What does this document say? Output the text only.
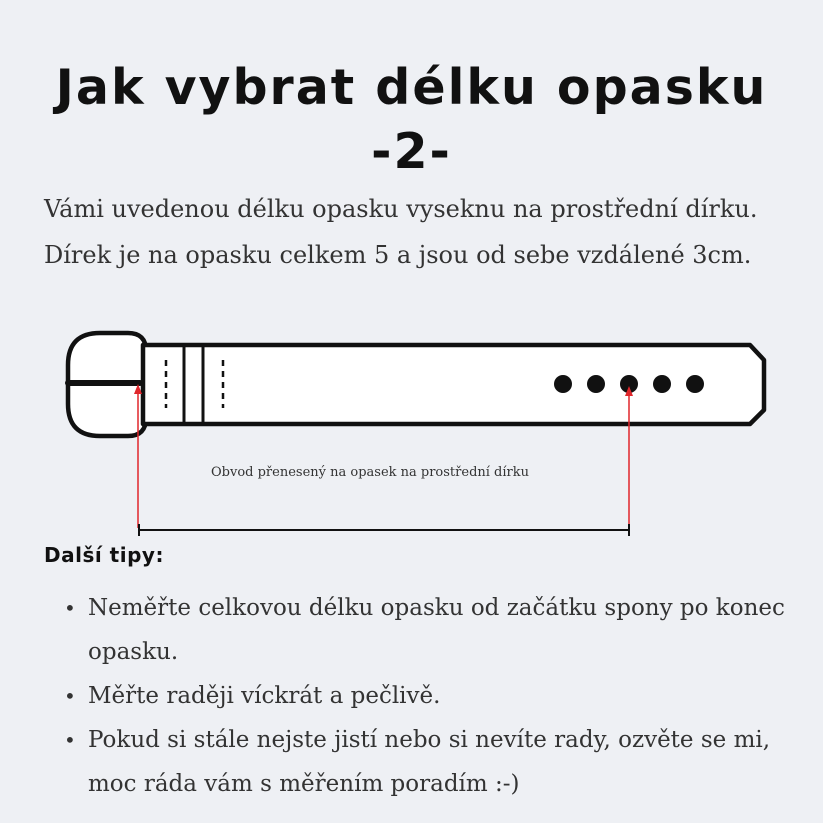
Jak vybrat délku opasku
-2-
Vámi uvedenou délku opasku vyseknu na prostřední dírku. Dírek je na opasku celkem 5 a jsou od sebe vzdálené 3cm.
Obvod přenesený na opasek na prostřední dírku
Další tipy:
• Neměřte celkovou délku opasku od začátku spony po konec opasku.
• Měřte raději víckrát a pečlivě.
• Pokud si stále nejste jistí nebo si nevíte rady, ozvěte se mi, moc ráda vám s měřením poradím :-)
